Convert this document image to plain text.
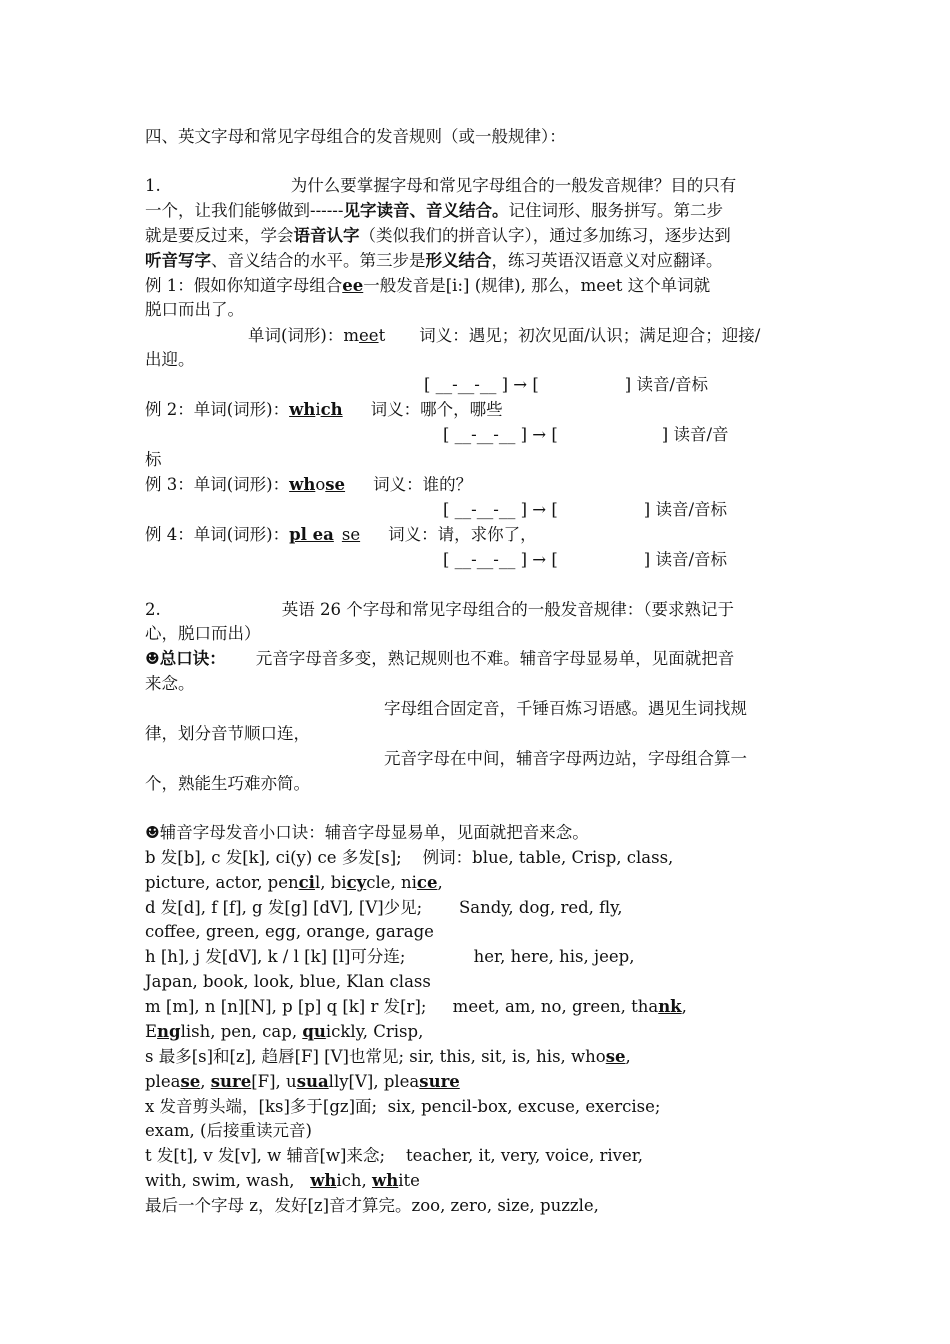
四、英文字母和常见字母组合的发音规则（或一般规律）：
1.	为什么要掌握字母和常见字母组合的一般发音规律？目的只有
一个，让我们能够做到------见字读音、音义结合。记住词形、服务拼写。第二步
就是要反过来，学会语音认字（类似我们的拼音认字），通过多加练习，逐步达到
听音写字、音义结合的水平。第三步是形义结合，练习英语汉语意义对应翻译。
例 1：假如你知道字母组合ee一般发音是[i:] (规律), 那么，meet 这个单词就
脱口而出了。
单词(词形)：meet 词义：遇见；初次见面/认识；满足迎合；迎接/
出迎。
[ __-__-__ ] → [	] 读音/音标
例 2：单词(词形)：which 词义：哪个，哪些
[ __-__-__ ] → [	] 读音/音
标
例 3：单词(词形)：whose 词义：谁的？
[ __-__-__ ] → [	] 读音/音标
例 4：单词(词形)：pl ea se 词义：请，求你了，
[ __-__-__ ] → [	] 读音/音标
2.	英语 26 个字母和常见字母组合的一般发音规律：（要求熟记于
心，脱口而出）
☻总口诀： 元音字母音多变，熟记规则也不难。辅音字母显易单，见面就把音
来念。
字母组合固定音，千锤百炼习语感。遇见生词找规
律，划分音节顺口连，
元音字母在中间，辅音字母两边站，字母组合算一
个，熟能生巧难亦简。
☻辅音字母发音小口诀：辅音字母显易单，见面就把音来念。
b 发[b], c 发[k], ci(y) ce 多发[s];    例词：blue, table, Crisp, class,
picture, actor, pencil, bicycle, nice,
d 发[d], f [f], g 发[g] [dV], [V]少见;       Sandy, dog, red, fly,
coffee, green, egg, orange, garage
h [h], j 发[dV], k / l [k] [l]可分连;             her, here, his, jeep,
Japan, book, look, blue, Klan class
m [m], n [n][N], p [p] q [k] r 发[r];     meet, am, no, green, thank,
English, pen, cap, quickly, Crisp,
s 最多[s]和[z], 趋唇[F] [V]也常见; sir, this, sit, is, his, whose,
please, sure[F], usually[V], pleasure
x 发音剪头端，[ks]多于[gz]面;  six, pencil-box, excuse, exercise;
exam, (后接重读元音)
t 发[t], v 发[v], w 辅音[w]来念;    teacher, it, very, voice, river,
with, swim, wash,   which, white
最后一个字母 z，发好[z]音才算完。zoo, zero, size, puzzle,
